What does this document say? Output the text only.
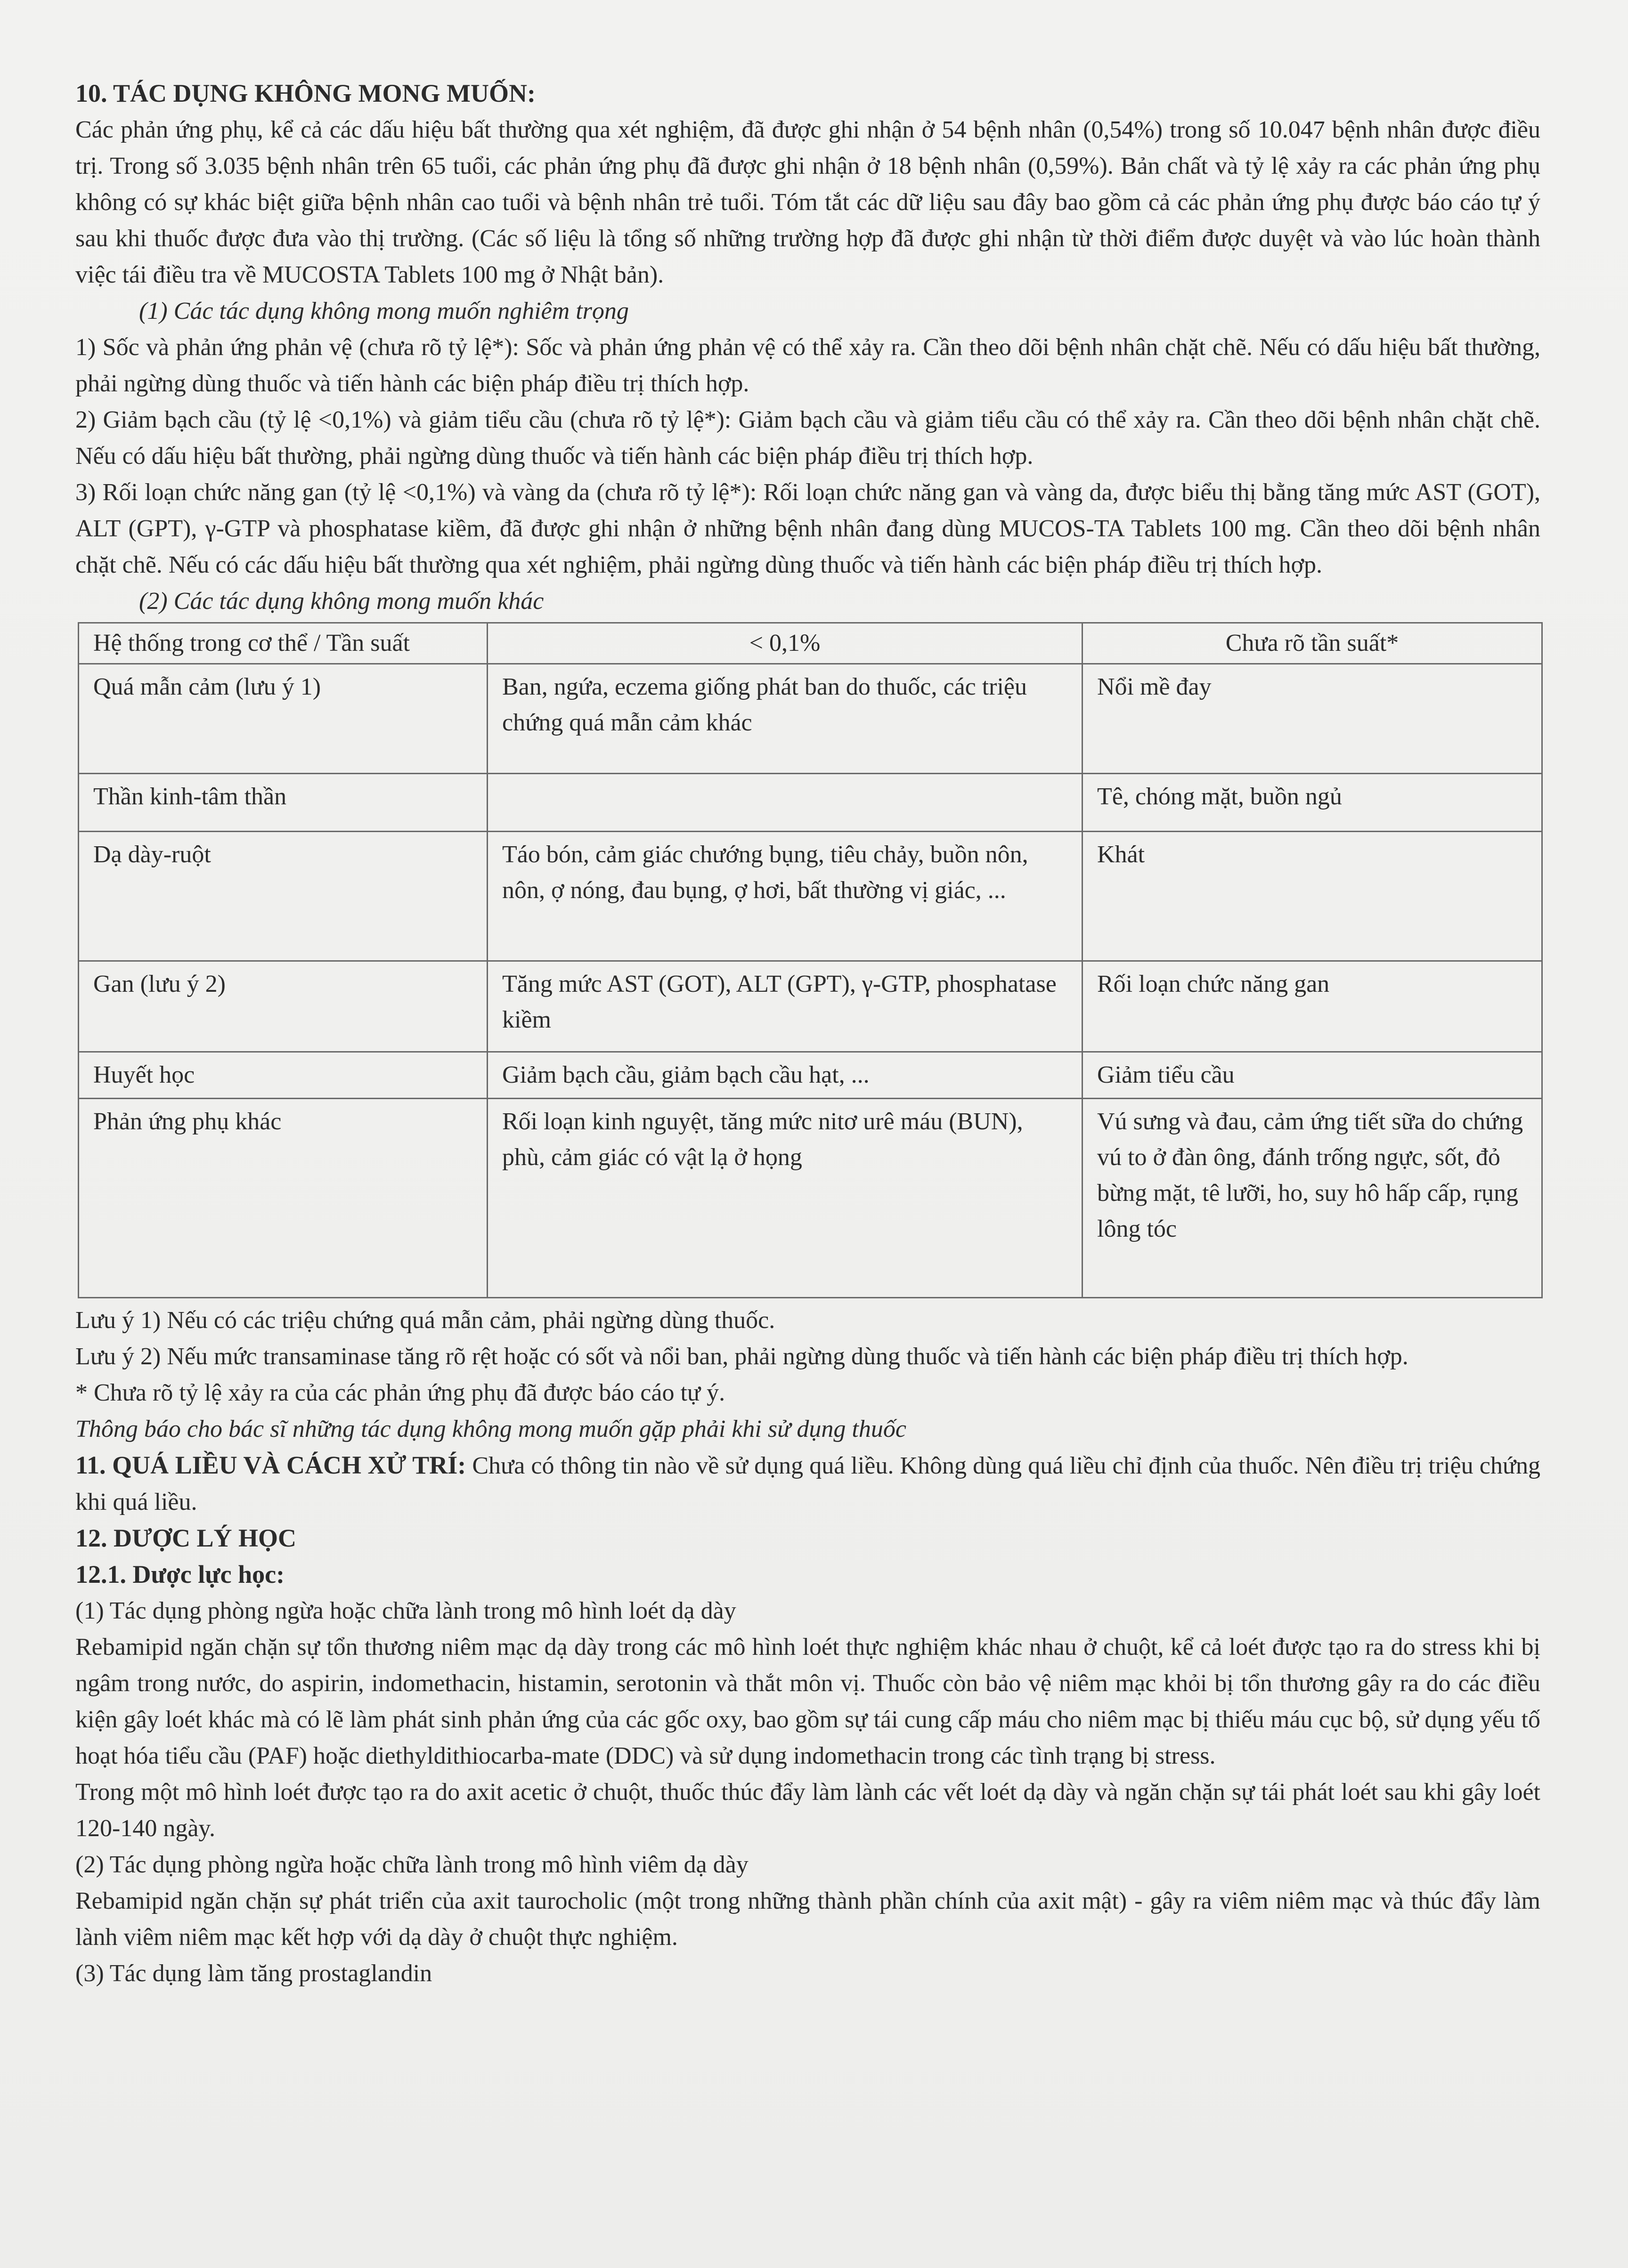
10. TÁC DỤNG KHÔNG MONG MUỐN:

Các phản ứng phụ, kể cả các dấu hiệu bất thường qua xét nghiệm, đã được ghi nhận ở 54 bệnh nhân (0,54%) trong số 10.047 bệnh nhân được điều trị. Trong số 3.035 bệnh nhân trên 65 tuổi, các phản ứng phụ đã được ghi nhận ở 18 bệnh nhân (0,59%). Bản chất và tỷ lệ xảy ra các phản ứng phụ không có sự khác biệt giữa bệnh nhân cao tuổi và bệnh nhân trẻ tuổi. Tóm tắt các dữ liệu sau đây bao gồm cả các phản ứng phụ được báo cáo tự ý sau khi thuốc được đưa vào thị trường. (Các số liệu là tổng số những trường hợp đã được ghi nhận từ thời điểm được duyệt và vào lúc hoàn thành việc tái điều tra về MUCOSTA Tablets 100 mg ở Nhật bản).

(1) Các tác dụng không mong muốn nghiêm trọng

1) Sốc và phản ứng phản vệ (chưa rõ tỷ lệ*): Sốc và phản ứng phản vệ có thể xảy ra. Cần theo dõi bệnh nhân chặt chẽ. Nếu có dấu hiệu bất thường, phải ngừng dùng thuốc và tiến hành các biện pháp điều trị thích hợp.

2) Giảm bạch cầu (tỷ lệ <0,1%) và giảm tiểu cầu (chưa rõ tỷ lệ*): Giảm bạch cầu và giảm tiểu cầu có thể xảy ra. Cần theo dõi bệnh nhân chặt chẽ. Nếu có dấu hiệu bất thường, phải ngừng dùng thuốc và tiến hành các biện pháp điều trị thích hợp.

3) Rối loạn chức năng gan (tỷ lệ <0,1%) và vàng da (chưa rõ tỷ lệ*): Rối loạn chức năng gan và vàng da, được biểu thị bằng tăng mức AST (GOT), ALT (GPT), γ-GTP và phosphatase kiềm, đã được ghi nhận ở những bệnh nhân đang dùng MUCOS-TA Tablets 100 mg. Cần theo dõi bệnh nhân chặt chẽ. Nếu có các dấu hiệu bất thường qua xét nghiệm, phải ngừng dùng thuốc và tiến hành các biện pháp điều trị thích hợp.

(2) Các tác dụng không mong muốn khác

Hệ thống trong cơ thể / Tần suất	< 0,1%	Chưa rõ tần suất*
Quá mẫn cảm (lưu ý 1)	Ban, ngứa, eczema giống phát ban do thuốc, các triệu chứng quá mẫn cảm khác	Nổi mề đay
Thần kinh-tâm thần		Tê, chóng mặt, buồn ngủ
Dạ dày-ruột	Táo bón, cảm giác chướng bụng, tiêu chảy, buồn nôn, nôn, ợ nóng, đau bụng, ợ hơi, bất thường vị giác, ...	Khát
Gan (lưu ý 2)	Tăng mức AST (GOT), ALT (GPT), γ-GTP, phosphatase kiềm	Rối loạn chức năng gan
Huyết học	Giảm bạch cầu, giảm bạch cầu hạt, ...	Giảm tiểu cầu
Phản ứng phụ khác	Rối loạn kinh nguyệt, tăng mức nitơ urê máu (BUN), phù, cảm giác có vật lạ ở họng	Vú sưng và đau, cảm ứng tiết sữa do chứng vú to ở đàn ông, đánh trống ngực, sốt, đỏ bừng mặt, tê lưỡi, ho, suy hô hấp cấp, rụng lông tóc

Lưu ý 1) Nếu có các triệu chứng quá mẫn cảm, phải ngừng dùng thuốc.

Lưu ý 2) Nếu mức transaminase tăng rõ rệt hoặc có sốt và nổi ban, phải ngừng dùng thuốc và tiến hành các biện pháp điều trị thích hợp.

* Chưa rõ tỷ lệ xảy ra của các phản ứng phụ đã được báo cáo tự ý.

Thông báo cho bác sĩ những tác dụng không mong muốn gặp phải khi sử dụng thuốc

11. QUÁ LIỀU VÀ CÁCH XỬ TRÍ: Chưa có thông tin nào về sử dụng quá liều. Không dùng quá liều chỉ định của thuốc. Nên điều trị triệu chứng khi quá liều.

12. DƯỢC LÝ HỌC

12.1. Dược lực học:

(1) Tác dụng phòng ngừa hoặc chữa lành trong mô hình loét dạ dày

Rebamipid ngăn chặn sự tổn thương niêm mạc dạ dày trong các mô hình loét thực nghiệm khác nhau ở chuột, kể cả loét được tạo ra do stress khi bị ngâm trong nước, do aspirin, indomethacin, histamin, serotonin và thắt môn vị. Thuốc còn bảo vệ niêm mạc khỏi bị tổn thương gây ra do các điều kiện gây loét khác mà có lẽ làm phát sinh phản ứng của các gốc oxy, bao gồm sự tái cung cấp máu cho niêm mạc bị thiếu máu cục bộ, sử dụng yếu tố hoạt hóa tiểu cầu (PAF) hoặc diethyldithiocarba-mate (DDC) và sử dụng indomethacin trong các tình trạng bị stress.

Trong một mô hình loét được tạo ra do axit acetic ở chuột, thuốc thúc đẩy làm lành các vết loét dạ dày và ngăn chặn sự tái phát loét sau khi gây loét 120-140 ngày.

(2) Tác dụng phòng ngừa hoặc chữa lành trong mô hình viêm dạ dày

Rebamipid ngăn chặn sự phát triển của axit taurocholic (một trong những thành phần chính của axit mật) - gây ra viêm niêm mạc và thúc đẩy làm lành viêm niêm mạc kết hợp với dạ dày ở chuột thực nghiệm.

(3) Tác dụng làm tăng prostaglandin
